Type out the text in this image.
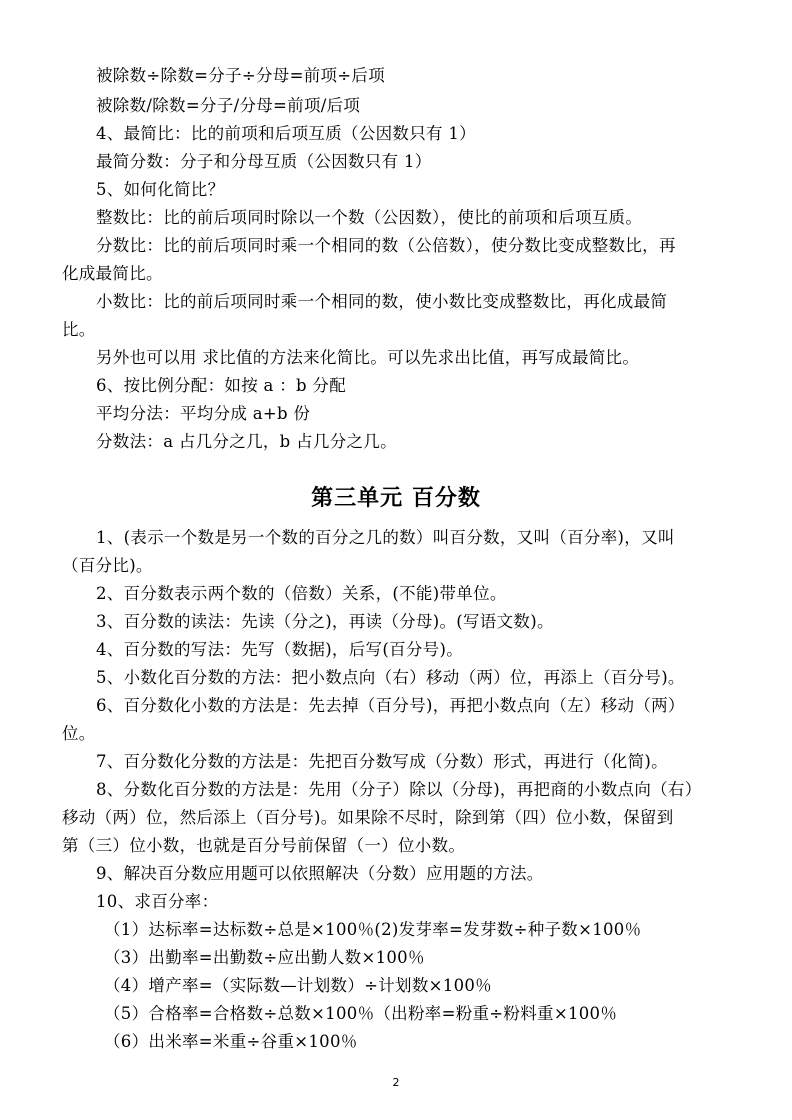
被除数÷除数=分子÷分母=前项÷后项
被除数/除数=分子/分母=前项/后项
4、最简比：比的前项和后项互质（公因数只有 1）
最简分数：分子和分母互质（公因数只有 1）
5、如何化简比？
整数比：比的前后项同时除以一个数（公因数），使比的前项和后项互质。
分数比：比的前后项同时乘一个相同的数（公倍数），使分数比变成整数比，再
化成最简比。
小数比：比的前后项同时乘一个相同的数，使小数比变成整数比，再化成最简
比。
另外也可以用 求比值的方法来化简比。可以先求出比值，再写成最简比。
6、按比例分配：如按 a ：b 分配
平均分法：平均分成 a+b 份
分数法：a 占几分之几，b 占几分之几。
第三单元 百分数
1、(表示一个数是另一个数的百分之几的数）叫百分数，又叫（百分率)，又叫
（百分比)。
2、百分数表示两个数的（倍数）关系，(不能)带单位。
3、百分数的读法：先读（分之)，再读（分母)。(写语文数)。
4、百分数的写法：先写（数据)，后写(百分号)。
5、小数化百分数的方法：把小数点向（右）移动（两）位，再添上（百分号)。
6、百分数化小数的方法是：先去掉（百分号)，再把小数点向（左）移动（两）
位。
7、百分数化分数的方法是：先把百分数写成（分数）形式，再进行（化简)。
8、分数化百分数的方法是：先用（分子）除以（分母)，再把商的小数点向（右）
移动（两）位，然后添上（百分号)。如果除不尽时，除到第（四）位小数，保留到
第（三）位小数，也就是百分号前保留（一）位小数。
9、解决百分数应用题可以依照解决（分数）应用题的方法。
10、求百分率：
（1）达标率=达标数÷总是×100％(2)发芽率=发芽数÷种子数×100％
（3）出勤率=出勤数÷应出勤人数×100％
（4）增产率=（实际数—计划数）÷计划数×100％
（5）合格率=合格数÷总数×100％（出粉率=粉重÷粉料重×100％
（6）出米率=米重÷谷重×100％
2
